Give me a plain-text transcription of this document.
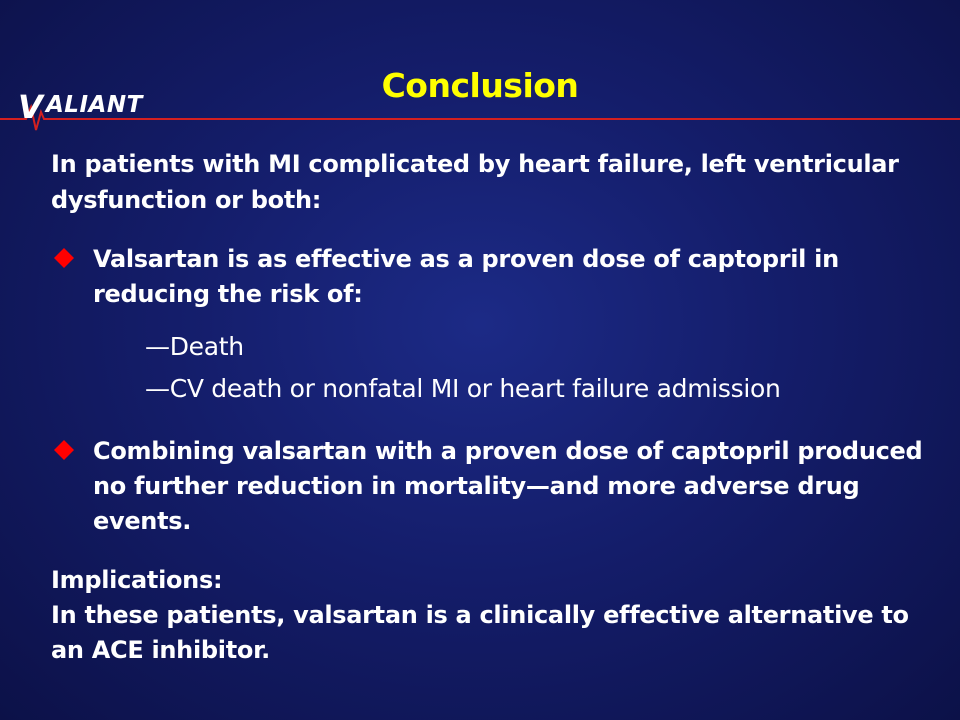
Conclusion
V ALIANT

In patients with MI complicated by heart failure, left ventricular dysfunction or both:

Valsartan is as effective as a proven dose of captopril in reducing the risk of:
—Death
—CV death or nonfatal MI or heart failure admission
Combining valsartan with a proven dose of captopril produced no further reduction in mortality—and more adverse drug events.
Implications:
In these patients, valsartan is a clinically effective alternative to an ACE inhibitor.
